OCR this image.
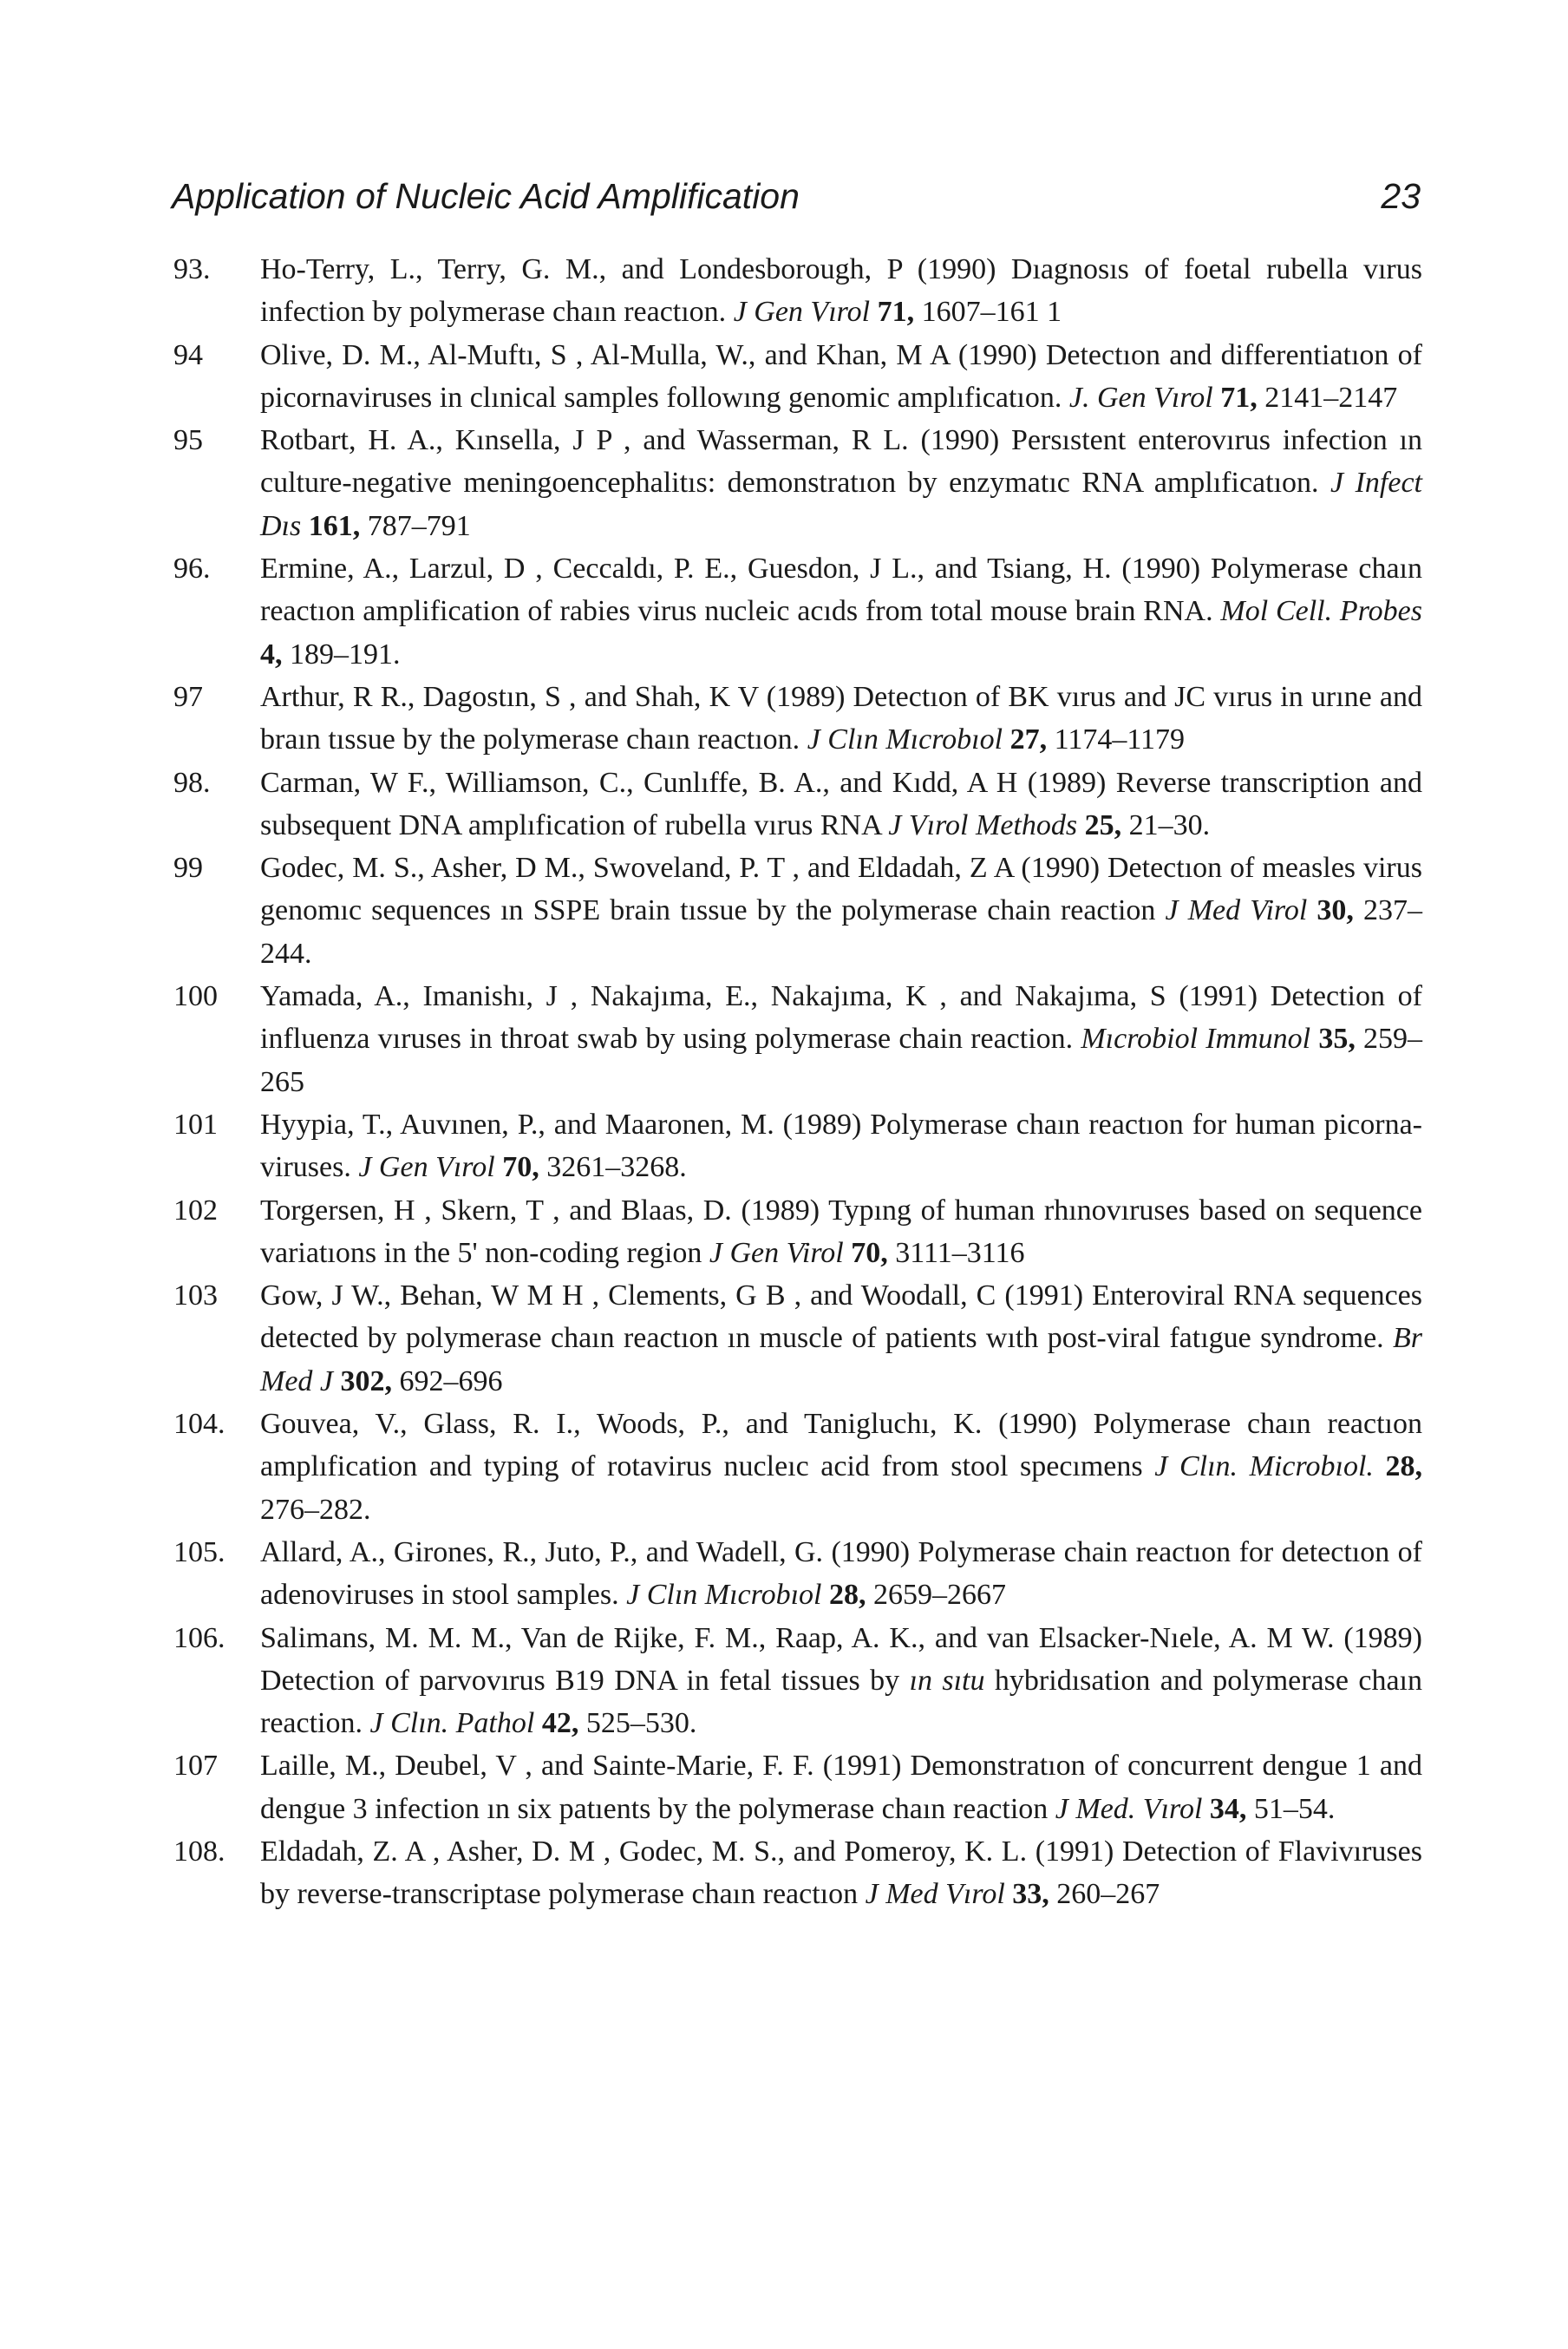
Application of Nucleic Acid Amplification	23
93.	Ho-Terry, L., Terry, G. M., and Londesborough, P (1990) Dıagnosıs of foetal rubella vırus infection by polymerase chaın reactıon. J Gen Vırol 71, 1607–161 1
94	Olive, D. M., Al-Muftı, S , Al-Mulla, W., and Khan, M A (1990) Detectıon and differentiatıon of picornaviruses in clınical samples followıng genomic amplıficatıon. J. Gen Vırol 71, 2141–2147
95	Rotbart, H. A., Kınsella, J P , and Wasserman, R L. (1990) Persıstent enterovırus infection ın culture-negative meningoencephalitıs: demonstratıon by enzymatıc RNA amplıficatıon. J Infect Dıs 161, 787–791
96.	Ermine, A., Larzul, D , Ceccaldı, P. E., Guesdon, J L., and Tsiang, H. (1990) Polymerase chaın reactıon amplification of rabies virus nucleic acıds from total mouse brain RNA. Mol Cell. Probes 4, 189–191.
97	Arthur, R R., Dagostın, S , and Shah, K V (1989) Detectıon of BK vırus and JC vırus in urıne and braın tıssue by the polymerase chaın reactıon. J Clın Mıcrobıol 27, 1174–1179
98.	Carman, W F., Williamson, C., Cunlıffe, B. A., and Kıdd, A H (1989) Reverse transcription and subsequent DNA amplıfication of rubella vırus RNA J Vırol Methods 25, 21–30.
99	Godec, M. S., Asher, D M., Swoveland, P. T , and Eldadah, Z A (1990) Detectıon of measles virus genomıc sequences ın SSPE brain tıssue by the polymerase chain reaction J Med Virol 30, 237–244.
100	Yamada, A., Imanishı, J , Nakajıma, E., Nakajıma, K , and Nakajıma, S (1991) Detection of influenza vıruses in throat swab by using polymerase chain reaction. Mıcrobiol Immunol 35, 259–265
101	Hyypia, T., Auvınen, P., and Maaronen, M. (1989) Polymerase chaın reactıon for human picorna-viruses. J Gen Vırol 70, 3261–3268.
102	Torgersen, H , Skern, T , and Blaas, D. (1989) Typıng of human rhınovıruses based on sequence variatıons in the 5' non-coding region J Gen Virol 70, 3111–3116
103	Gow, J W., Behan, W M H , Clements, G B , and Woodall, C (1991) Enteroviral RNA sequences detected by polymerase chaın reactıon ın muscle of patients wıth post-viral fatıgue syndrome. Br Med J 302, 692–696
104.	Gouvea, V., Glass, R. I., Woods, P., and Tanigluchı, K. (1990) Polymerase chaın reactıon amplıfication and typing of rotavirus nucleıc acid from stool specımens J Clın. Microbıol. 28, 276–282.
105.	Allard, A., Girones, R., Juto, P., and Wadell, G. (1990) Polymerase chain reactıon for detectıon of adenoviruses in stool samples. J Clın Mıcrobıol 28, 2659–2667
106.	Salimans, M. M. M., Van de Rijke, F. M., Raap, A. K., and van Elsacker-Nıele, A. M W. (1989) Detection of parvovırus B19 DNA in fetal tissues by ın sıtu hybridısation and polymerase chaın reaction. J Clın. Pathol 42, 525–530.
107	Laille, M., Deubel, V , and Sainte-Marie, F. F. (1991) Demonstratıon of concurrent dengue 1 and dengue 3 infection ın six patıents by the polymerase chaın reaction J Med. Vırol 34, 51–54.
108.	Eldadah, Z. A , Asher, D. M , Godec, M. S., and Pomeroy, K. L. (1991) Detection of Flavivıruses by reverse-transcriptase polymerase chaın reactıon J Med Vırol 33, 260–267
